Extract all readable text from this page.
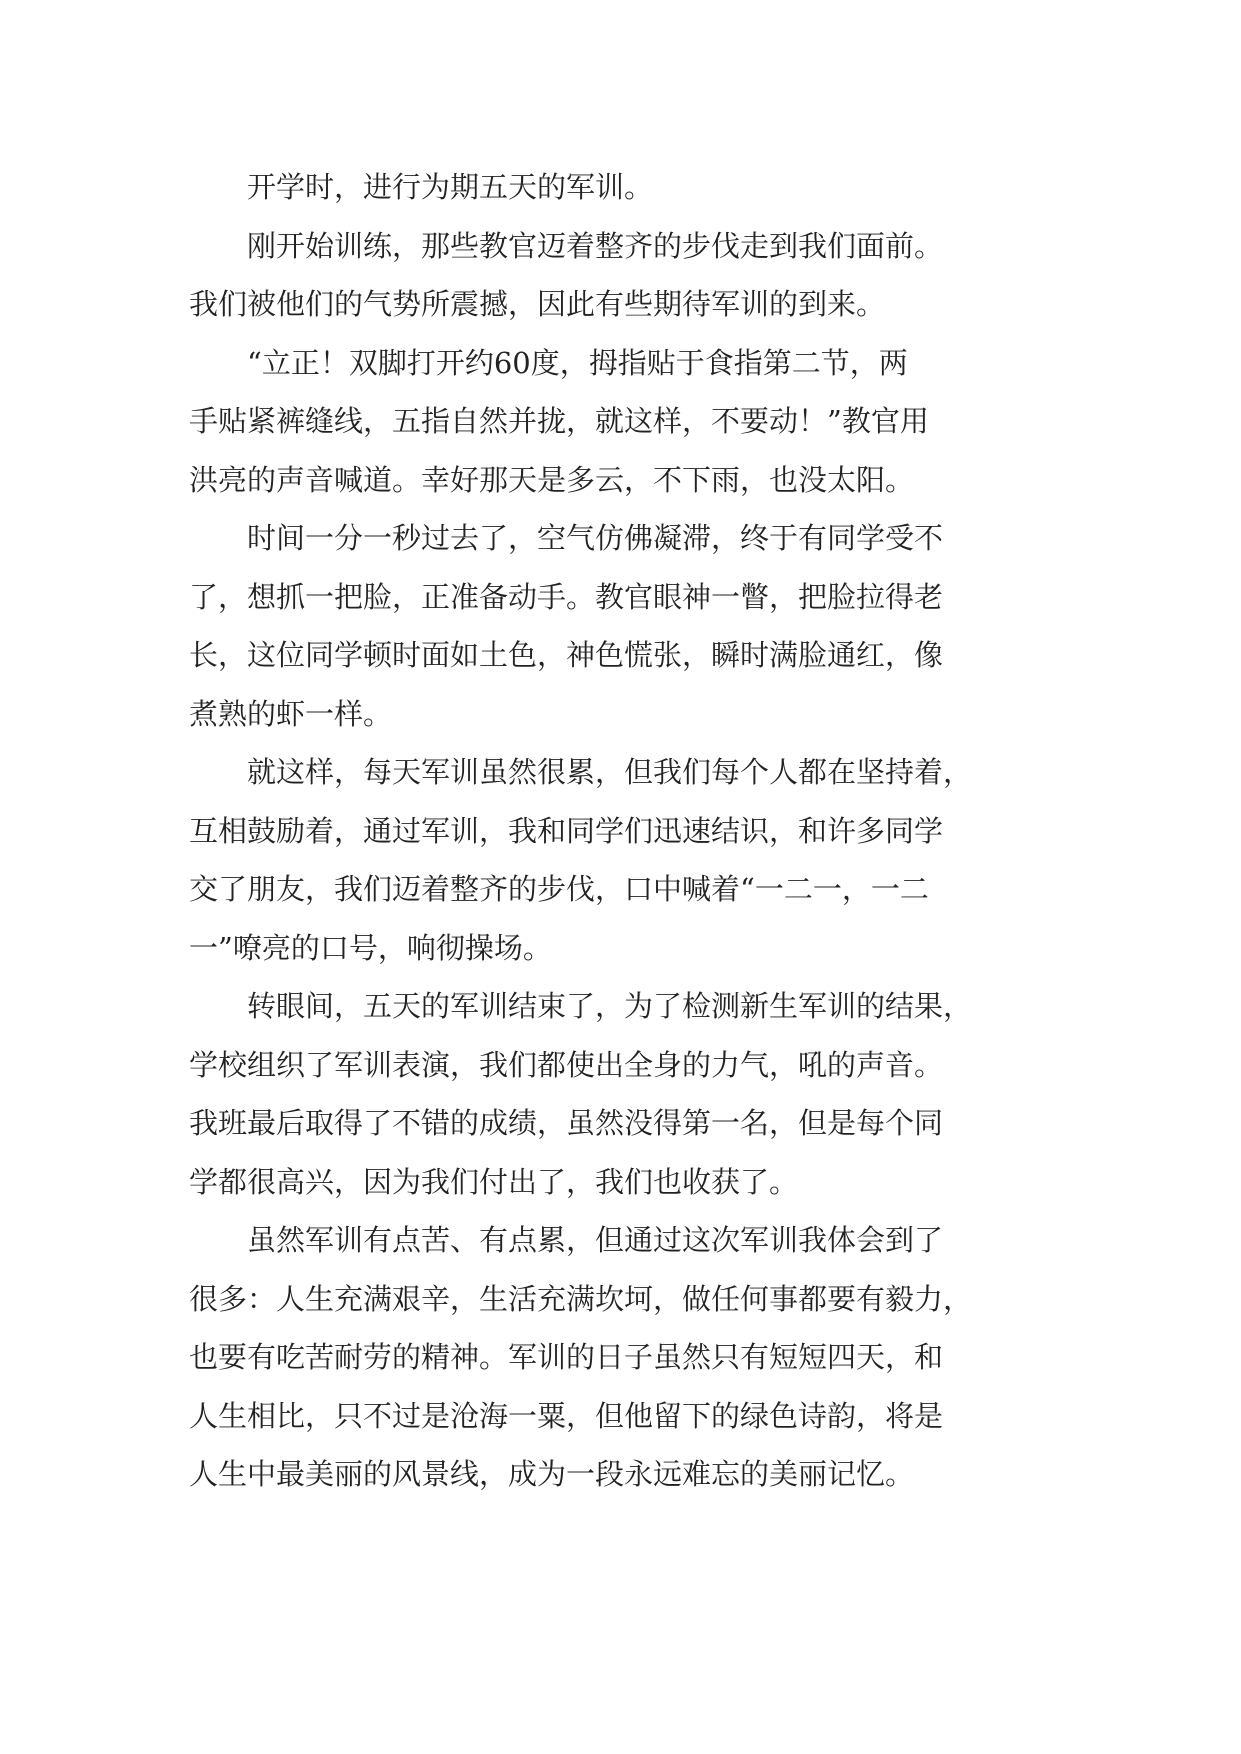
开学时，进行为期五天的军训。
刚开始训练，那些教官迈着整齐的步伐走到我们面前。
我们被他们的气势所震撼，因此有些期待军训的到来。
“立正！双脚打开约60度，拇指贴于食指第二节，两
手贴紧裤缝线，五指自然并拢，就这样，不要动！”教官用
洪亮的声音喊道。幸好那天是多云，不下雨，也没太阳。
时间一分一秒过去了，空气仿佛凝滞，终于有同学受不
了，想抓一把脸，正准备动手。教官眼神一瞥，把脸拉得老
长，这位同学顿时面如土色，神色慌张，瞬时满脸通红，像
煮熟的虾一样。
就这样，每天军训虽然很累，但我们每个人都在坚持着，
互相鼓励着，通过军训，我和同学们迅速结识，和许多同学
交了朋友，我们迈着整齐的步伐，口中喊着“一二一，一二
一”嘹亮的口号，响彻操场。
转眼间，五天的军训结束了，为了检测新生军训的结果，
学校组织了军训表演，我们都使出全身的力气，吼的声音。
我班最后取得了不错的成绩，虽然没得第一名，但是每个同
学都很高兴，因为我们付出了，我们也收获了。
虽然军训有点苦、有点累，但通过这次军训我体会到了
很多：人生充满艰辛，生活充满坎坷，做任何事都要有毅力，
也要有吃苦耐劳的精神。军训的日子虽然只有短短四天，和
人生相比，只不过是沧海一粟，但他留下的绿色诗韵，将是
人生中最美丽的风景线，成为一段永远难忘的美丽记忆。
